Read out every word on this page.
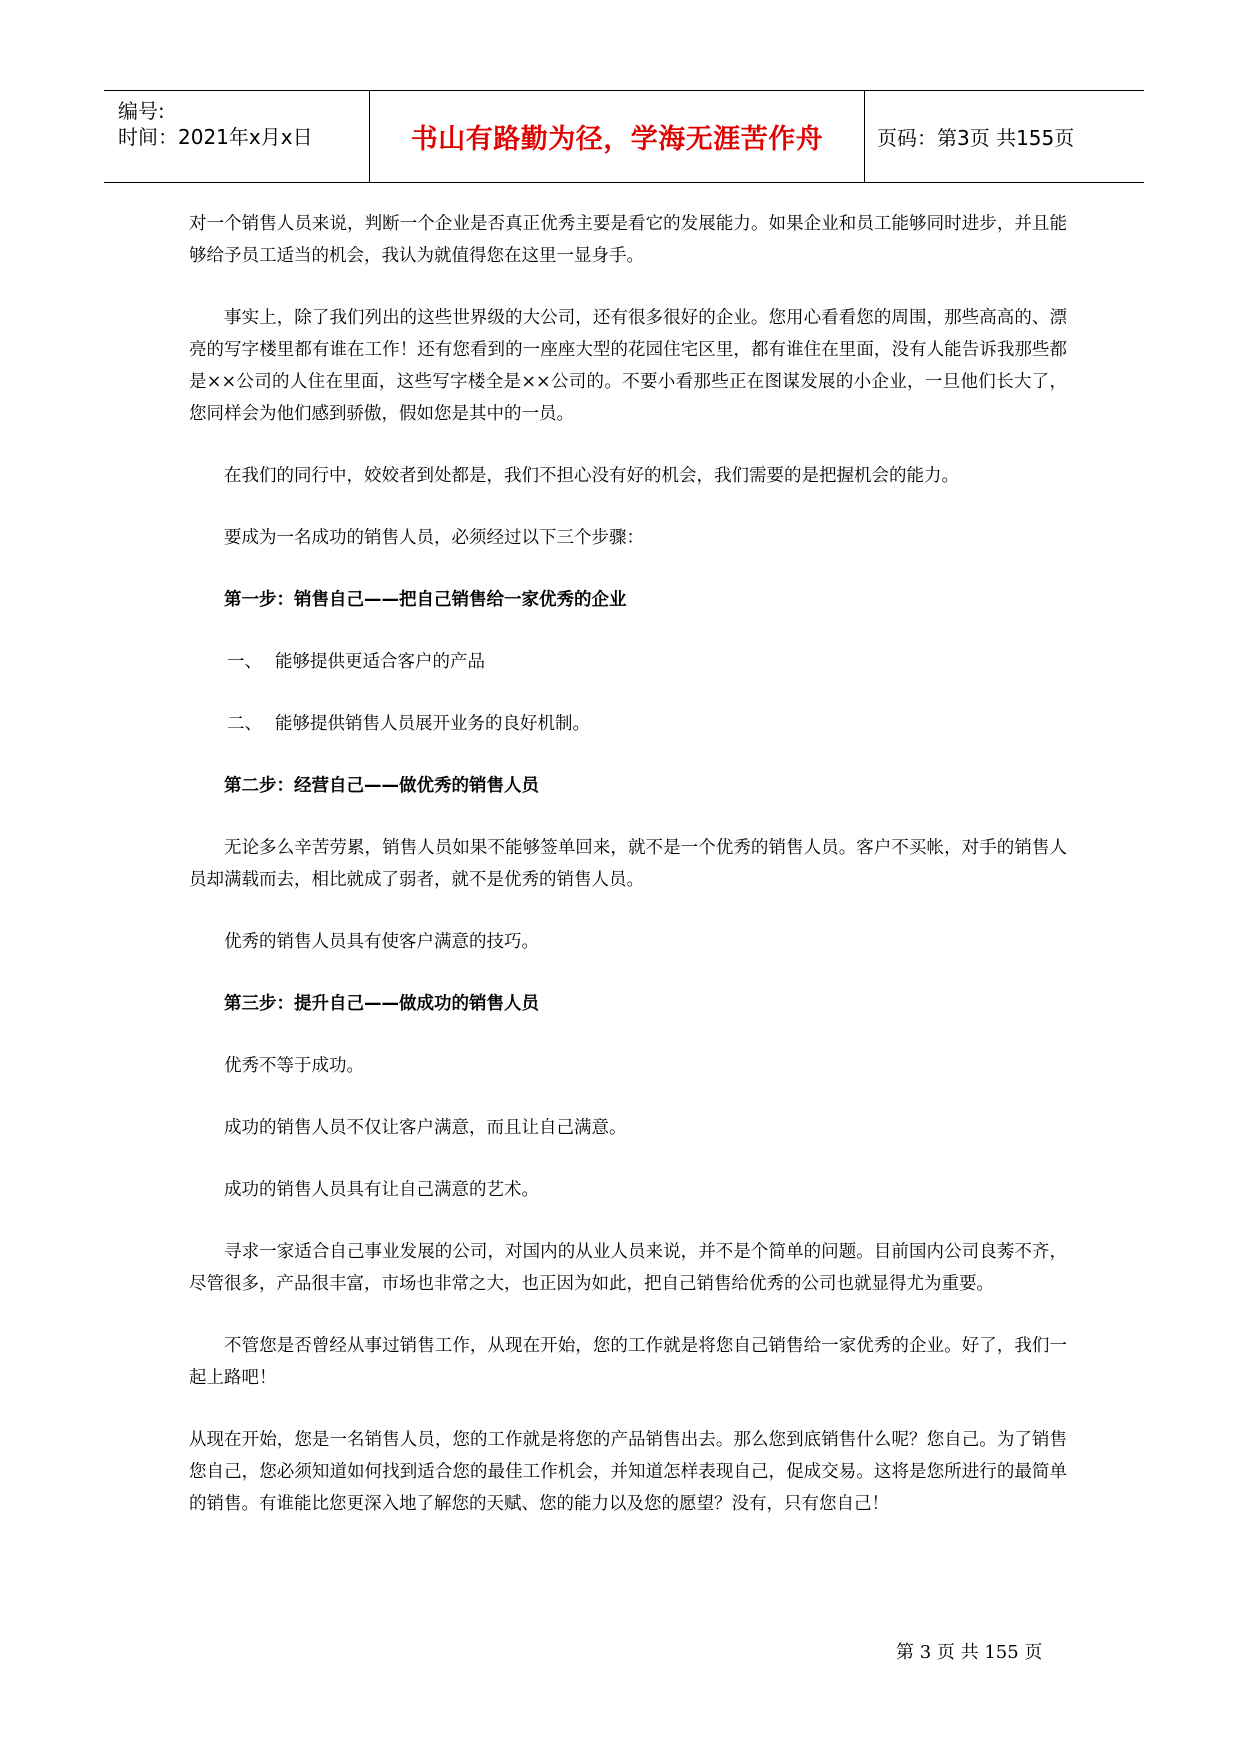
编号:
时间：2021年x月x日	书山有路勤为径，学海无涯苦作舟	页码：第3页 共155页

对一个销售人员来说，判断一个企业是否真正优秀主要是看它的发展能力。如果企业和员工能够同时进步，并且能够给予员工适当的机会，我认为就值得您在这里一显身手。

事实上，除了我们列出的这些世界级的大公司，还有很多很好的企业。您用心看看您的周围，那些高高的、漂亮的写字楼里都有谁在工作！还有您看到的一座座大型的花园住宅区里，都有谁住在里面，没有人能告诉我那些都是××公司的人住在里面，这些写字楼全是××公司的。不要小看那些正在图谋发展的小企业，一旦他们长大了，您同样会为他们感到骄傲，假如您是其中的一员。

在我们的同行中，姣姣者到处都是，我们不担心没有好的机会，我们需要的是把握机会的能力。

要成为一名成功的销售人员，必须经过以下三个步骤：

第一步：销售自己——把自己销售给一家优秀的企业

一、 能够提供更适合客户的产品

二、 能够提供销售人员展开业务的良好机制。

第二步：经营自己——做优秀的销售人员

无论多么辛苦劳累，销售人员如果不能够签单回来，就不是一个优秀的销售人员。客户不买帐，对手的销售人员却满载而去，相比就成了弱者，就不是优秀的销售人员。

优秀的销售人员具有使客户满意的技巧。

第三步：提升自己——做成功的销售人员

优秀不等于成功。

成功的销售人员不仅让客户满意，而且让自己满意。

成功的销售人员具有让自己满意的艺术。

寻求一家适合自己事业发展的公司，对国内的从业人员来说，并不是个简单的问题。目前国内公司良莠不齐，尽管很多，产品很丰富，市场也非常之大，也正因为如此，把自己销售给优秀的公司也就显得尤为重要。

不管您是否曾经从事过销售工作，从现在开始，您的工作就是将您自己销售给一家优秀的企业。好了，我们一起上路吧！

从现在开始，您是一名销售人员，您的工作就是将您的产品销售出去。那么您到底销售什么呢？您自己。为了销售您自己，您必须知道如何找到适合您的最佳工作机会，并知道怎样表现自己，促成交易。这将是您所进行的最简单的销售。有谁能比您更深入地了解您的天赋、您的能力以及您的愿望？没有，只有您自己！

第 3 页 共 155 页
